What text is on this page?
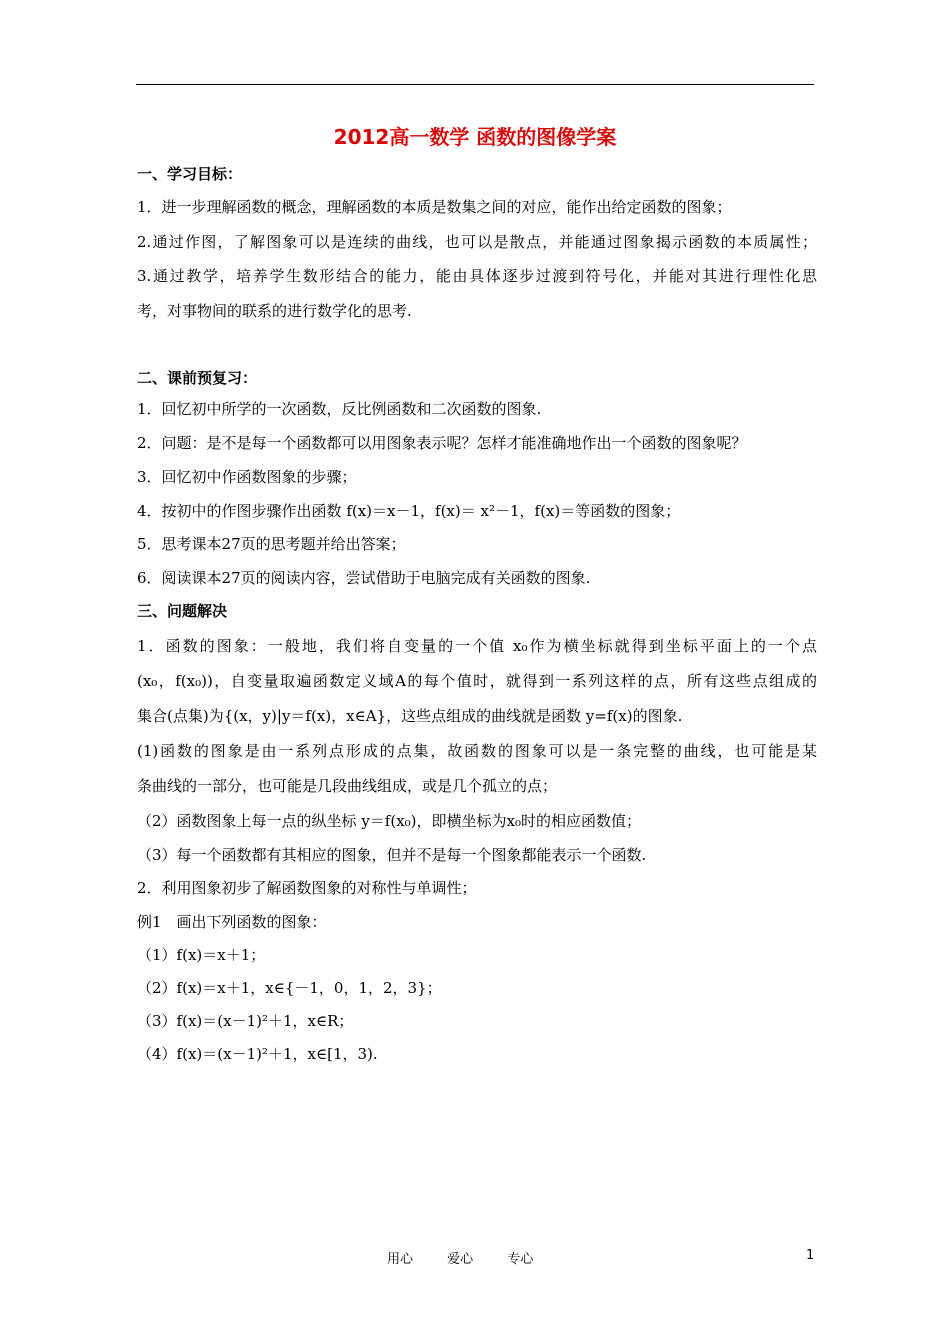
2012高一数学 函数的图像学案
一、学习目标：
1．进一步理解函数的概念，理解函数的本质是数集之间的对应，能作出给定函数的图象；
2.通过作图，了解图象可以是连续的曲线，也可以是散点，并能通过图象揭示函数的本质属性；
3.通过教学，培养学生数形结合的能力，能由具体逐步过渡到符号化，并能对其进行理性化思
考，对事物间的联系的进行数学化的思考.
二、课前预复习：
1．回忆初中所学的一次函数，反比例函数和二次函数的图象.
2．问题：是不是每一个函数都可以用图象表示呢？怎样才能准确地作出一个函数的图象呢？
3．回忆初中作函数图象的步骤；
4．按初中的作图步骤作出函数 f(x)＝x－1，f(x)＝ x²－1，f(x)＝等函数的图象；
5．思考课本27页的思考题并给出答案；
6．阅读课本27页的阅读内容，尝试借助于电脑完成有关函数的图象.
三、问题解决
1．函数的图象：一般地，我们将自变量的一个值 x₀作为横坐标就得到坐标平面上的一个点
(x₀，f(x₀))，自变量取遍函数定义域A的每个值时，就得到一系列这样的点，所有这些点组成的
集合(点集)为{(x，y)|y＝f(x)，x∈A}，这些点组成的曲线就是函数 y=f(x)的图象.
(1)函数的图象是由一系列点形成的点集，故函数的图象可以是一条完整的曲线，也可能是某
条曲线的一部分，也可能是几段曲线组成，或是几个孤立的点；
（2）函数图象上每一点的纵坐标 y＝f(x₀)，即横坐标为x₀时的相应函数值；
（3）每一个函数都有其相应的图象，但并不是每一个图象都能表示一个函数.
2．利用图象初步了解函数图象的对称性与单调性；
例1　画出下列函数的图象：
（1）f(x)＝x＋1；
（2）f(x)＝x＋1，x∈{－1，0，1，2，3}；
（3）f(x)＝(x－1)²＋1，x∈R；
（4）f(x)＝(x－1)²＋1，x∈[1，3).
用心	爱心	专心	1
